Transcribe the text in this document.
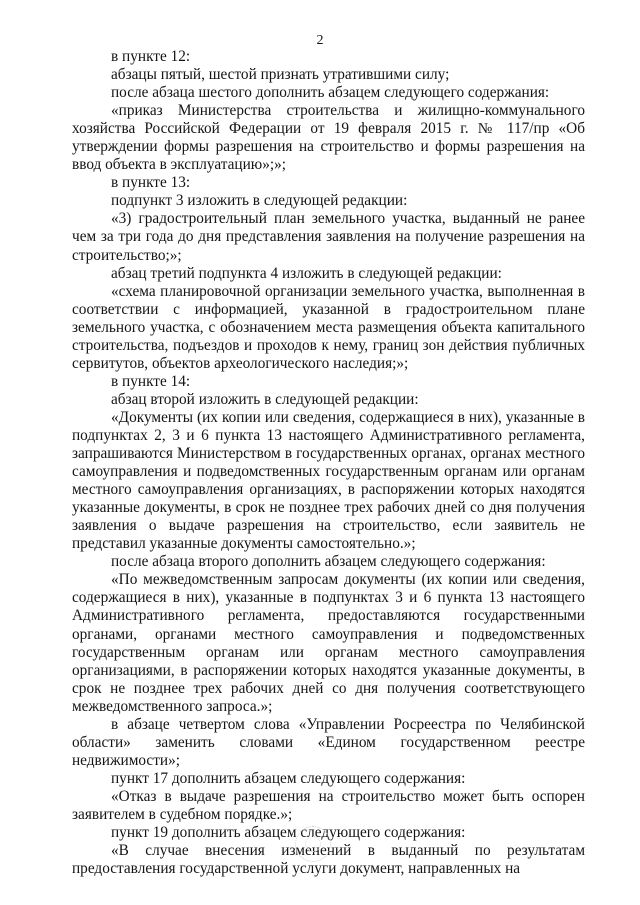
2

в пункте 12:

абзацы пятый, шестой признать утратившими силу;

после абзаца шестого дополнить абзацем следующего содержания:

«приказ Министерства строительства и жилищно-коммунального хозяйства Российской Федерации от 19 февраля 2015 г. № 117/пр «Об утверждении формы разрешения на строительство и формы разрешения на ввод объекта в эксплуатацию»;»;

в пункте 13:

подпункт 3 изложить в следующей редакции:

«3) градостроительный план земельного участка, выданный не ранее чем за три года до дня представления заявления на получение разрешения на строительство;»;

абзац третий подпункта 4 изложить в следующей редакции:

«схема планировочной организации земельного участка, выполненная в соответствии с информацией, указанной в градостроительном плане земельного участка, с обозначением места размещения объекта капитального строительства, подъездов и проходов к нему, границ зон действия публичных сервитутов, объектов археологического наследия;»;

в пункте 14:

абзац второй изложить в следующей редакции:

«Документы (их копии или сведения, содержащиеся в них), указанные в подпунктах 2, 3 и 6 пункта 13 настоящего Административного регламента, запрашиваются Министерством в государственных органах, органах местного самоуправления и подведомственных государственным органам или органам местного самоуправления организациях, в распоряжении которых находятся указанные документы, в срок не позднее трех рабочих дней со дня получения заявления о выдаче разрешения на строительство, если заявитель не представил указанные документы самостоятельно.»;

после абзаца второго дополнить абзацем следующего содержания:

«По межведомственным запросам документы (их копии или сведения, содержащиеся в них), указанные в подпунктах 3 и 6 пункта 13 настоящего Административного регламента, предоставляются государственными органами, органами местного самоуправления и подведомственных государственным органам или органам местного самоуправления организациями, в распоряжении которых находятся указанные документы, в срок не позднее трех рабочих дней со дня получения соответствующего межведомственного запроса.»;

в абзаце четвертом слова «Управлении Росреестра по Челябинской области» заменить словами «Едином государственном реестре недвижимости»;

пункт 17 дополнить абзацем следующего содержания:

«Отказ в выдаче разрешения на строительство может быть оспорен заявителем в судебном порядке.»;

пункт 19 дополнить абзацем следующего содержания:

«В случае внесения изменений в выданный по результатам предоставления государственной услуги документ, направленных на
